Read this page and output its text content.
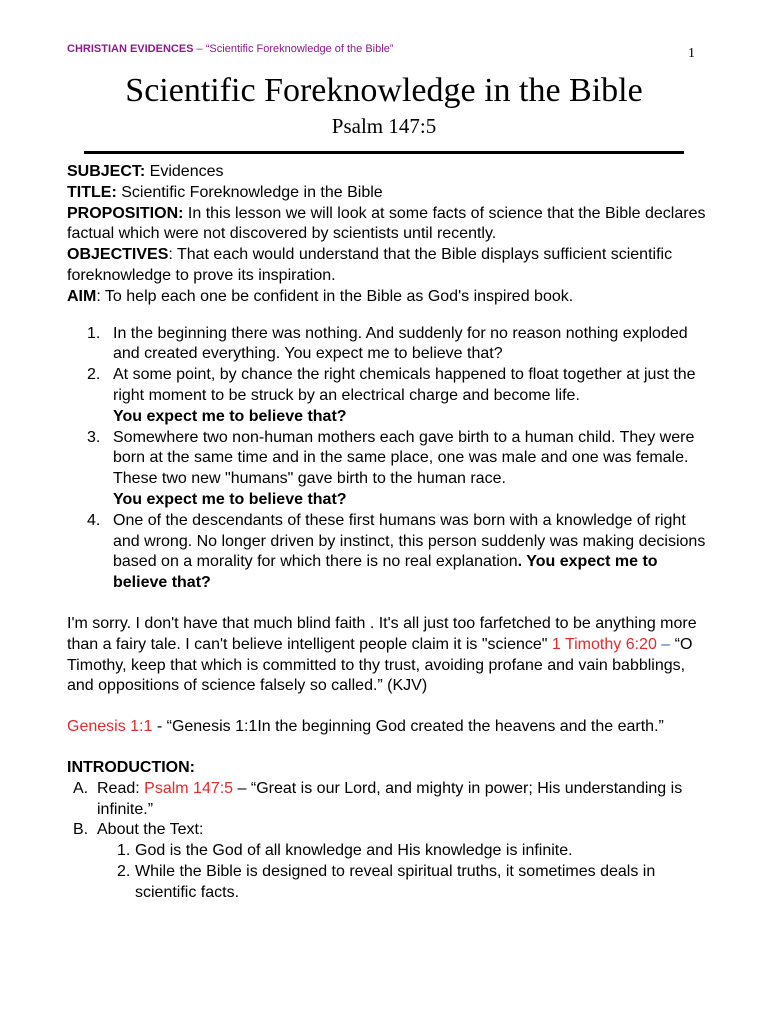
CHRISTIAN EVIDENCES – “Scientific Foreknowledge of the Bible”	1
Scientific Foreknowledge in the Bible
Psalm 147:5

SUBJECT: Evidences

TITLE: Scientific Foreknowledge in the Bible

PROPOSITION: In this lesson we will look at some facts of science that the Bible declares factual which were not discovered by scientists until recently.

OBJECTIVES: That each would understand that the Bible displays sufficient scientific foreknowledge to prove its inspiration.

AIM: To help each one be confident in the Bible as God's inspired book.

1. In the beginning there was nothing. And suddenly for no reason nothing exploded and created everything. You expect me to believe that?
2. At some point, by chance the right chemicals happened to float together at just the right moment to be struck by an electrical charge and become life.
You expect me to believe that?
3. Somewhere two non-human mothers each gave birth to a human child. They were born at the same time and in the same place, one was male and one was female. These two new "humans" gave birth to the human race.
You expect me to believe that?
4. One of the descendants of these first humans was born with a knowledge of right and wrong. No longer driven by instinct, this person suddenly was making decisions based on a morality for which there is no real explanation. You expect me to believe that?

I'm sorry. I don't have that much blind faith . It's all just too farfetched to be anything more than a fairy tale. I can't believe intelligent people claim it is "science" 1 Timothy 6:20 – “O Timothy, keep that which is committed to thy trust, avoiding profane and vain babblings, and oppositions of science falsely so called.” (KJV)

Genesis 1:1 - “Genesis 1:1In the beginning God created the heavens and the earth.”

INTRODUCTION:

A. Read: Psalm 147:5 – “Great is our Lord, and mighty in power; His understanding is infinite.”
B. About the Text:
1. God is the God of all knowledge and His knowledge is infinite.
2. While the Bible is designed to reveal spiritual truths, it sometimes deals in scientific facts.
